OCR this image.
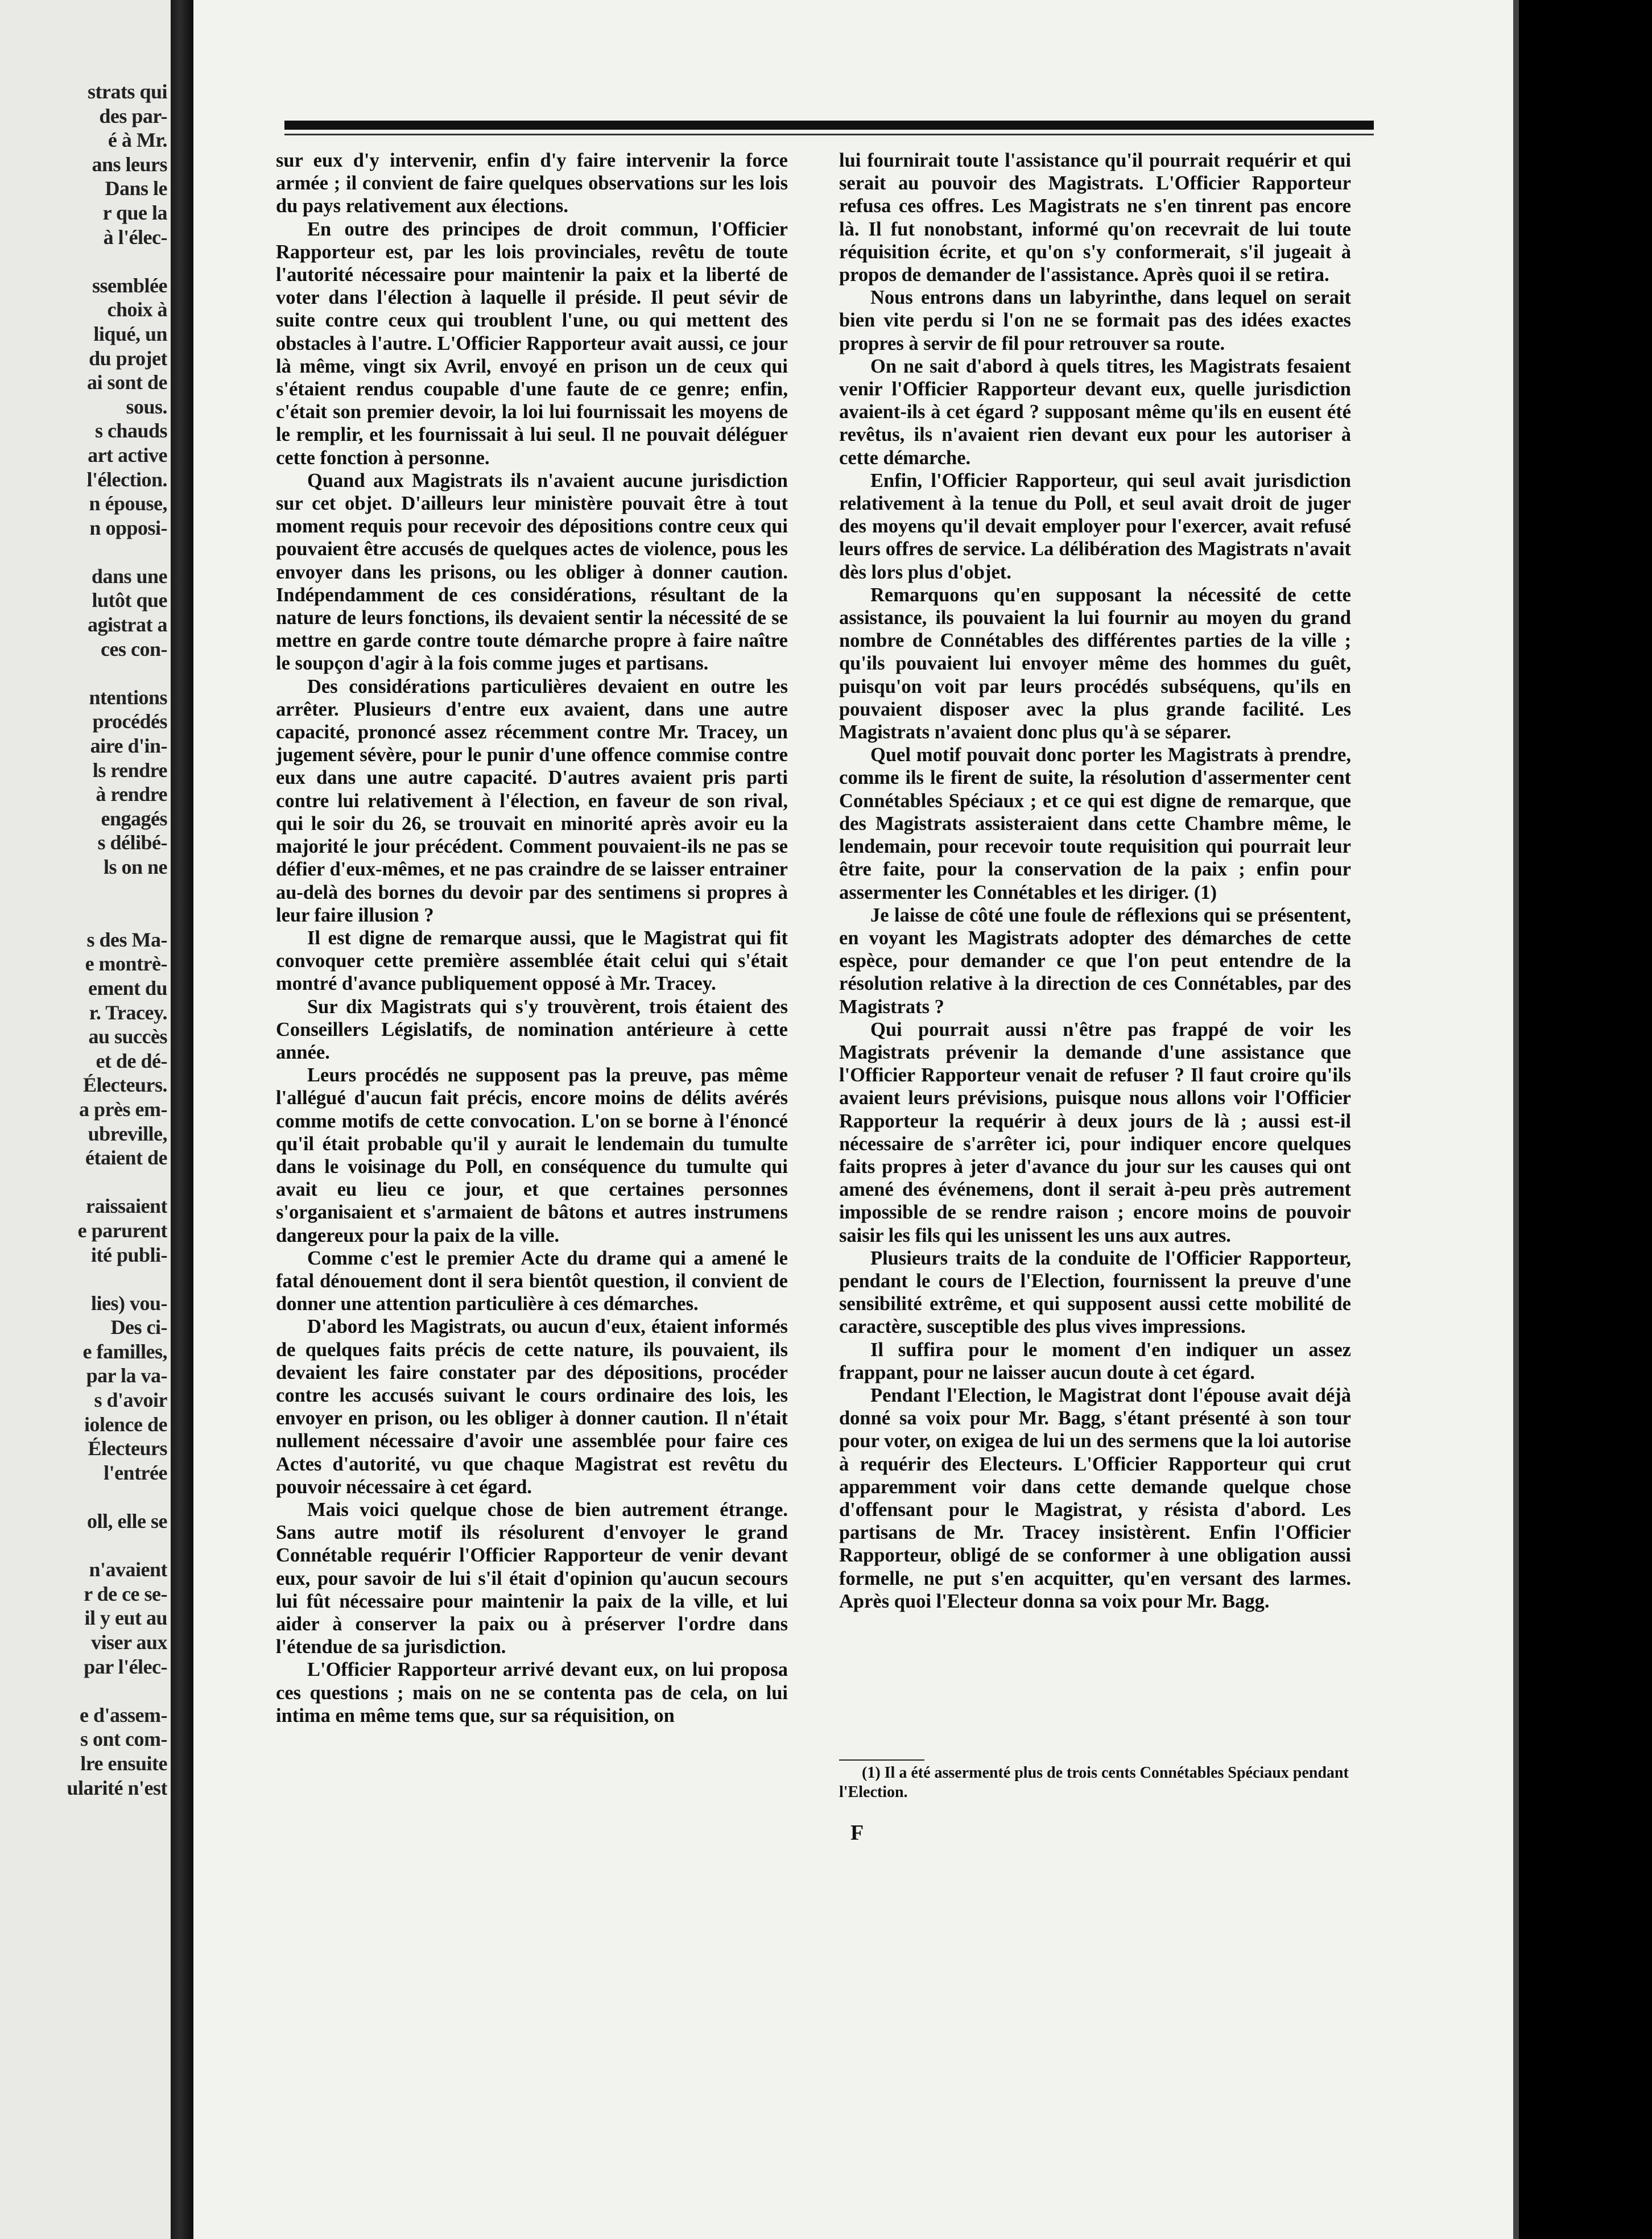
strats qui
des par-
é à Mr.
ans leurs
Dans le
r que la
à l'élec-
ssemblée
choix à
liqué, un
du projet
ai sont de
sous.
s chauds
art active
l'élection.
n épouse,
n opposi-
dans une
lutôt que
agistrat a
ces con-
ntentions
procédés
aire d'in-
ls rendre
à rendre
engagés
s délibé-
ls on ne
s des Ma-
e montrè-
ement du
r. Tracey.
au succès
et de dé-
Électeurs.
a près em-
ubreville,
étaient de
raissaient
e parurent
ité publi-
lies) vou-
Des ci-
e familles,
par la va-
s d'avoir
iolence de
Électeurs
l'entrée
oll, elle se
n'avaient
r de ce se-
il y eut au
viser aux
par l'élec-
e d'assem-
s ont com-
lre ensuite
ularité n'est

sur eux d'y intervenir, enfin d'y faire intervenir la force armée ; il convient de faire quelques observations sur les lois du pays relativement aux élections.

En outre des principes de droit commun, l'Officier Rapporteur est, par les lois provinciales, revêtu de toute l'autorité nécessaire pour maintenir la paix et la liberté de voter dans l'élection à laquelle il préside. Il peut sévir de suite contre ceux qui troublent l'une, ou qui mettent des obstacles à l'autre. L'Officier Rapporteur avait aussi, ce jour là même, vingt six Avril, envoyé en prison un de ceux qui s'étaient rendus coupable d'une faute de ce genre; enfin, c'était son premier devoir, la loi lui fournissait les moyens de le remplir, et les fournissait à lui seul. Il ne pouvait déléguer cette fonction à personne.

Quand aux Magistrats ils n'avaient aucune jurisdiction sur cet objet. D'ailleurs leur ministère pouvait être à tout moment requis pour recevoir des dépositions contre ceux qui pouvaient être accusés de quelques actes de violence, pous les envoyer dans les prisons, ou les obliger à donner caution. Indépendamment de ces considérations, résultant de la nature de leurs fonctions, ils devaient sentir la nécessité de se mettre en garde contre toute démarche propre à faire naître le soupçon d'agir à la fois comme juges et partisans.

Des considérations particulières devaient en outre les arrêter. Plusieurs d'entre eux avaient, dans une autre capacité, prononcé assez récemment contre Mr. Tracey, un jugement sévère, pour le punir d'une offence commise contre eux dans une autre capacité. D'autres avaient pris parti contre lui relativement à l'élection, en faveur de son rival, qui le soir du 26, se trouvait en minorité après avoir eu la majorité le jour précédent. Comment pouvaient-ils ne pas se défier d'eux-mêmes, et ne pas craindre de se laisser entrainer au-delà des bornes du devoir par des sentimens si propres à leur faire illusion ?

Il est digne de remarque aussi, que le Magistrat qui fit convoquer cette première assemblée était celui qui s'était montré d'avance publiquement opposé à Mr. Tracey.

Sur dix Magistrats qui s'y trouvèrent, trois étaient des Conseillers Législatifs, de nomination antérieure à cette année.

Leurs procédés ne supposent pas la preuve, pas même l'allégué d'aucun fait précis, encore moins de délits avérés comme motifs de cette convocation. L'on se borne à l'énoncé qu'il était probable qu'il y aurait le lendemain du tumulte dans le voisinage du Poll, en conséquence du tumulte qui avait eu lieu ce jour, et que certaines personnes s'organisaient et s'armaient de bâtons et autres instrumens dangereux pour la paix de la ville.

Comme c'est le premier Acte du drame qui a amené le fatal dénouement dont il sera bientôt question, il convient de donner une attention particulière à ces démarches.

D'abord les Magistrats, ou aucun d'eux, étaient informés de quelques faits précis de cette nature, ils pouvaient, ils devaient les faire constater par des dépositions, procéder contre les accusés suivant le cours ordinaire des lois, les envoyer en prison, ou les obliger à donner caution. Il n'était nullement nécessaire d'avoir une assemblée pour faire ces Actes d'autorité, vu que chaque Magistrat est revêtu du pouvoir nécessaire à cet égard.

Mais voici quelque chose de bien autrement étrange. Sans autre motif ils résolurent d'envoyer le grand Connétable requérir l'Officier Rapporteur de venir devant eux, pour savoir de lui s'il était d'opinion qu'aucun secours lui fût nécessaire pour maintenir la paix de la ville, et lui aider à conserver la paix ou à préserver l'ordre dans l'étendue de sa jurisdiction.

L'Officier Rapporteur arrivé devant eux, on lui proposa ces questions ; mais on ne se contenta pas de cela, on lui intima en même tems que, sur sa réquisition, on

lui fournirait toute l'assistance qu'il pourrait requérir et qui serait au pouvoir des Magistrats. L'Officier Rapporteur refusa ces offres. Les Magistrats ne s'en tinrent pas encore là. Il fut nonobstant, informé qu'on recevrait de lui toute réquisition écrite, et qu'on s'y conformerait, s'il jugeait à propos de demander de l'assistance. Après quoi il se retira.

Nous entrons dans un labyrinthe, dans lequel on serait bien vite perdu si l'on ne se formait pas des idées exactes propres à servir de fil pour retrouver sa route.

On ne sait d'abord à quels titres, les Magistrats fesaient venir l'Officier Rapporteur devant eux, quelle jurisdiction avaient-ils à cet égard ? supposant même qu'ils en eusent été revêtus, ils n'avaient rien devant eux pour les autoriser à cette démarche.

Enfin, l'Officier Rapporteur, qui seul avait jurisdiction relativement à la tenue du Poll, et seul avait droit de juger des moyens qu'il devait employer pour l'exercer, avait refusé leurs offres de service. La délibération des Magistrats n'avait dès lors plus d'objet.

Remarquons qu'en supposant la nécessité de cette assistance, ils pouvaient la lui fournir au moyen du grand nombre de Connétables des différentes parties de la ville ; qu'ils pouvaient lui envoyer même des hommes du guêt, puisqu'on voit par leurs procédés subséquens, qu'ils en pouvaient disposer avec la plus grande facilité. Les Magistrats n'avaient donc plus qu'à se séparer.

Quel motif pouvait donc porter les Magistrats à prendre, comme ils le firent de suite, la résolution d'assermenter cent Connétables Spéciaux ; et ce qui est digne de remarque, que des Magistrats assisteraient dans cette Chambre même, le lendemain, pour recevoir toute requisition qui pourrait leur être faite, pour la conservation de la paix ; enfin pour assermenter les Connétables et les diriger. (1)

Je laisse de côté une foule de réflexions qui se présentent, en voyant les Magistrats adopter des démarches de cette espèce, pour demander ce que l'on peut entendre de la résolution relative à la direction de ces Connétables, par des Magistrats ?

Qui pourrait aussi n'être pas frappé de voir les Magistrats prévenir la demande d'une assistance que l'Officier Rapporteur venait de refuser ? Il faut croire qu'ils avaient leurs prévisions, puisque nous allons voir l'Officier Rapporteur la requérir à deux jours de là ; aussi est-il nécessaire de s'arrêter ici, pour indiquer encore quelques faits propres à jeter d'avance du jour sur les causes qui ont amené des événemens, dont il serait à-peu près autrement impossible de se rendre raison ; encore moins de pouvoir saisir les fils qui les unissent les uns aux autres.

Plusieurs traits de la conduite de l'Officier Rapporteur, pendant le cours de l'Election, fournissent la preuve d'une sensibilité extrême, et qui supposent aussi cette mobilité de caractère, susceptible des plus vives impressions.

Il suffira pour le moment d'en indiquer un assez frappant, pour ne laisser aucun doute à cet égard.

Pendant l'Election, le Magistrat dont l'épouse avait déjà donné sa voix pour Mr. Bagg, s'étant présenté à son tour pour voter, on exigea de lui un des sermens que la loi autorise à requérir des Electeurs. L'Officier Rapporteur qui crut apparemment voir dans cette demande quelque chose d'offensant pour le Magistrat, y résista d'abord. Les partisans de Mr. Tracey insistèrent. Enfin l'Officier Rapporteur, obligé de se conformer à une obligation aussi formelle, ne put s'en acquitter, qu'en versant des larmes. Après quoi l'Electeur donna sa voix pour Mr. Bagg.

(1) Il a été assermenté plus de trois cents Connétables Spéciaux pendant l'Election.
F
